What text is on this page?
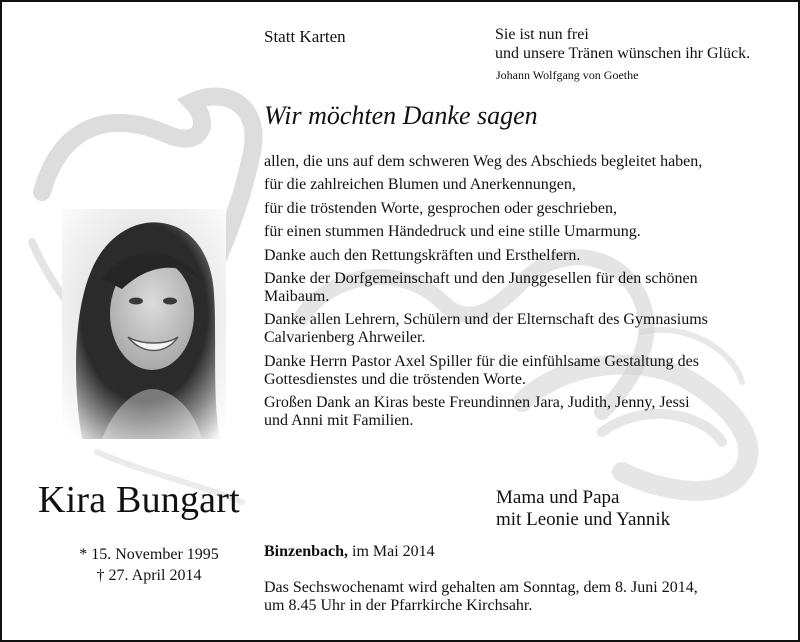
Statt Karten	Sie ist nun frei
und unsere Tränen wünschen ihr Glück.
Johann Wolfgang von Goethe
Wir möchten Danke sagen

allen, die uns auf dem schweren Weg des Abschieds begleitet haben,

für die zahlreichen Blumen und Anerkennungen,

für die tröstenden Worte, gesprochen oder geschrieben,

für einen stummen Händedruck und eine stille Umarmung.

Danke auch den Rettungskräften und Ersthelfern.

Danke der Dorfgemeinschaft und den Junggesellen für den schönen
Maibaum.

Danke allen Lehrern, Schülern und der Elternschaft des Gymnasiums
Calvarienberg Ahrweiler.

Danke Herrn Pastor Axel Spiller für die einfühlsame Gestaltung des
Gottesdienstes und die tröstenden Worte.

Großen Dank an Kiras beste Freundinnen Jara, Judith, Jenny, Jessi
und Anni mit Familien.

Kira Bungart
* 15. November 1995
† 27. April 2014
Mama und Papa
mit Leonie und Yannik
Binzenbach, im Mai 2014
Das Sechswochenamt wird gehalten am Sonntag, dem 8. Juni 2014,
um 8.45 Uhr in der Pfarrkirche Kirchsahr.
